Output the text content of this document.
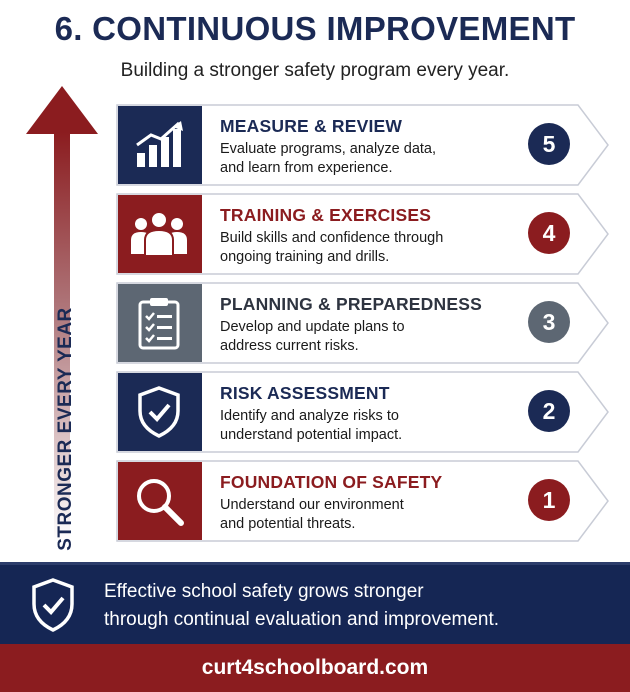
6. CONTINUOUS IMPROVEMENT
Building a stronger safety program every year.
STRONGER EVERY YEAR
MEASURE & REVIEW
Evaluate programs, analyze data,
and learn from experience.
5
TRAINING & EXERCISES
Build skills and confidence through
ongoing training and drills.
4
PLANNING & PREPAREDNESS
Develop and update plans to
address current risks.
3
RISK ASSESSMENT
Identify and analyze risks to
understand potential impact.
2
FOUNDATION OF SAFETY
Understand our environment
and potential threats.
1
Effective school safety grows stronger
through continual evaluation and improvement.
curt4schoolboard.com
